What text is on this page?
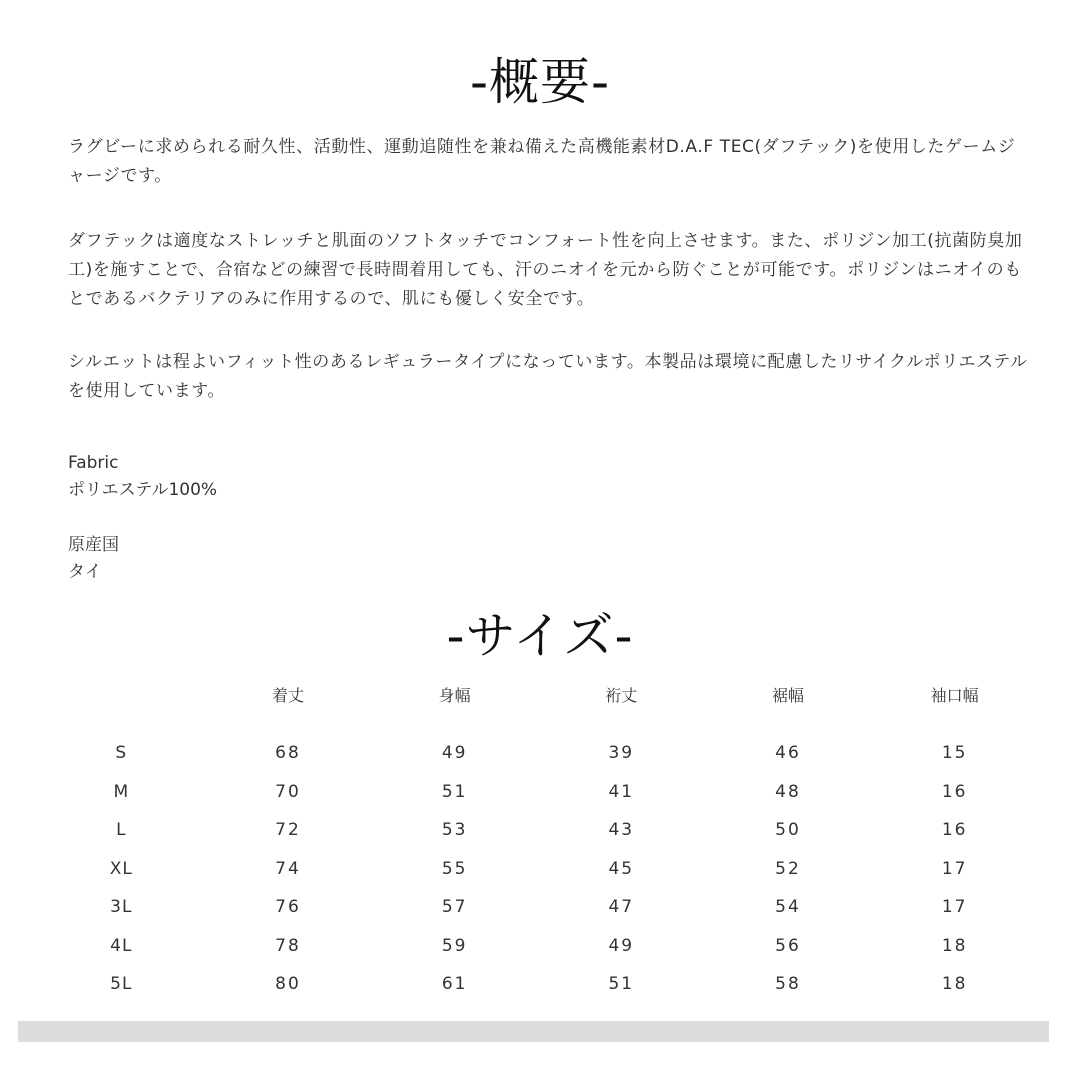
-概要-
ラグビーに求められる耐久性、活動性、運動追随性を兼ね備えた高機能素材D.A.F TEC(ダフテック)を使用したゲームジャージです。
ダフテックは適度なストレッチと肌面のソフトタッチでコンフォート性を向上させます。また、ポリジン加工(抗菌防臭加工)を施すことで、合宿などの練習で長時間着用しても、汗のニオイを元から防ぐことが可能です。ポリジンはニオイのもとであるバクテリアのみに作用するので、肌にも優しく安全です。
シルエットは程よいフィット性のあるレギュラータイプになっています。本製品は環境に配慮したリサイクルポリエステルを使用しています。
Fabric
ポリエステル100%
原産国
タイ
-サイズ-
	着丈	身幅	裄丈	裾幅	袖口幅
S	68	49	39	46	15
M	70	51	41	48	16
L	72	53	43	50	16
XL	74	55	45	52	17
3L	76	57	47	54	17
4L	78	59	49	56	18
5L	80	61	51	58	18
